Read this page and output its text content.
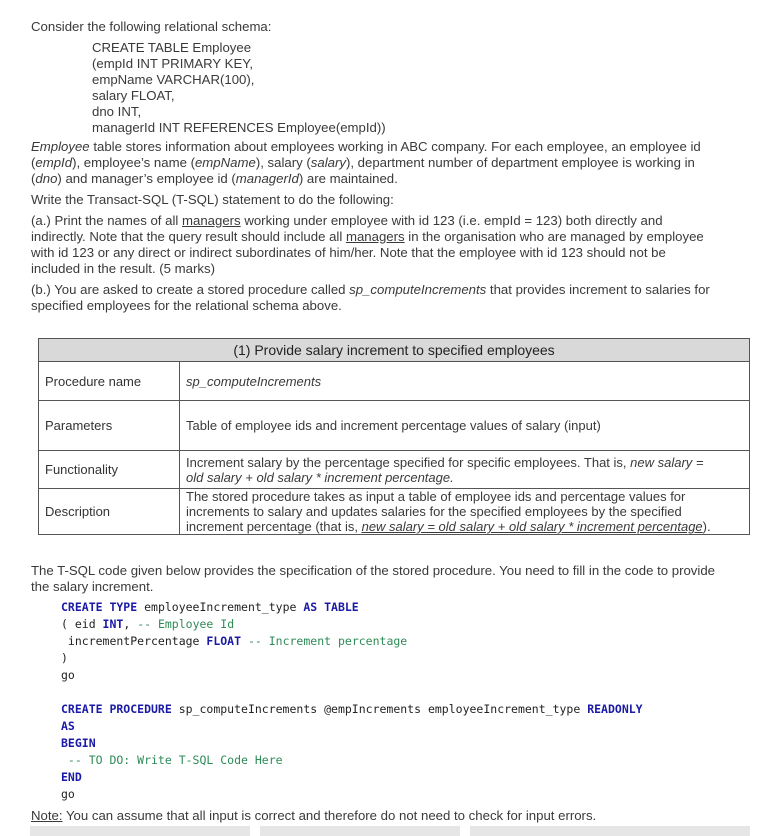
Consider the following relational schema:
CREATE TABLE Employee
(empId INT PRIMARY KEY,
empName VARCHAR(100),
salary FLOAT,
dno INT,
managerId INT REFERENCES Employee(empId))
Employee table stores information about employees working in ABC company. For each employee, an employee id
(empId), employee’s name (empName), salary (salary), department number of department employee is working in
(dno) and manager’s employee id (managerId) are maintained.
Write the Transact-SQL (T-SQL) statement to do the following:
(a.) Print the names of all managers working under employee with id 123 (i.e. empId = 123) both directly and
indirectly. Note that the query result should include all managers in the organisation who are managed by employee
with id 123 or any direct or indirect subordinates of him/her. Note that the employee with id 123 should not be
included in the result. (5 marks)
(b.) You are asked to create a stored procedure called sp_computeIncrements that provides increment to salaries for
specified employees for the relational schema above.
(1) Provide salary increment to specified employees	
Procedure name	sp_computeIncrements
Parameters	Table of employee ids and increment percentage values of salary (input)
Functionality	Increment salary by the percentage specified for specific employees. That is, new salary =
old salary + old salary * increment percentage.
Description	The stored procedure takes as input a table of employee ids and percentage values for
increments to salary and updates salaries for the specified employees by the specified
increment percentage (that is, new salary = old salary + old salary * increment percentage).
The T-SQL code given below provides the specification of the stored procedure. You need to fill in the code to provide
the salary increment.
CREATE TYPE employeeIncrement_type AS TABLE
( eid INT, -- Employee Id
incrementPercentage FLOAT -- Increment percentage
)
go
CREATE PROCEDURE sp_computeIncrements @empIncrements employeeIncrement_type READONLY
AS
BEGIN
-- TO DO: Write T-SQL Code Here
END
go
Note: You can assume that all input is correct and therefore do not need to check for input errors.
